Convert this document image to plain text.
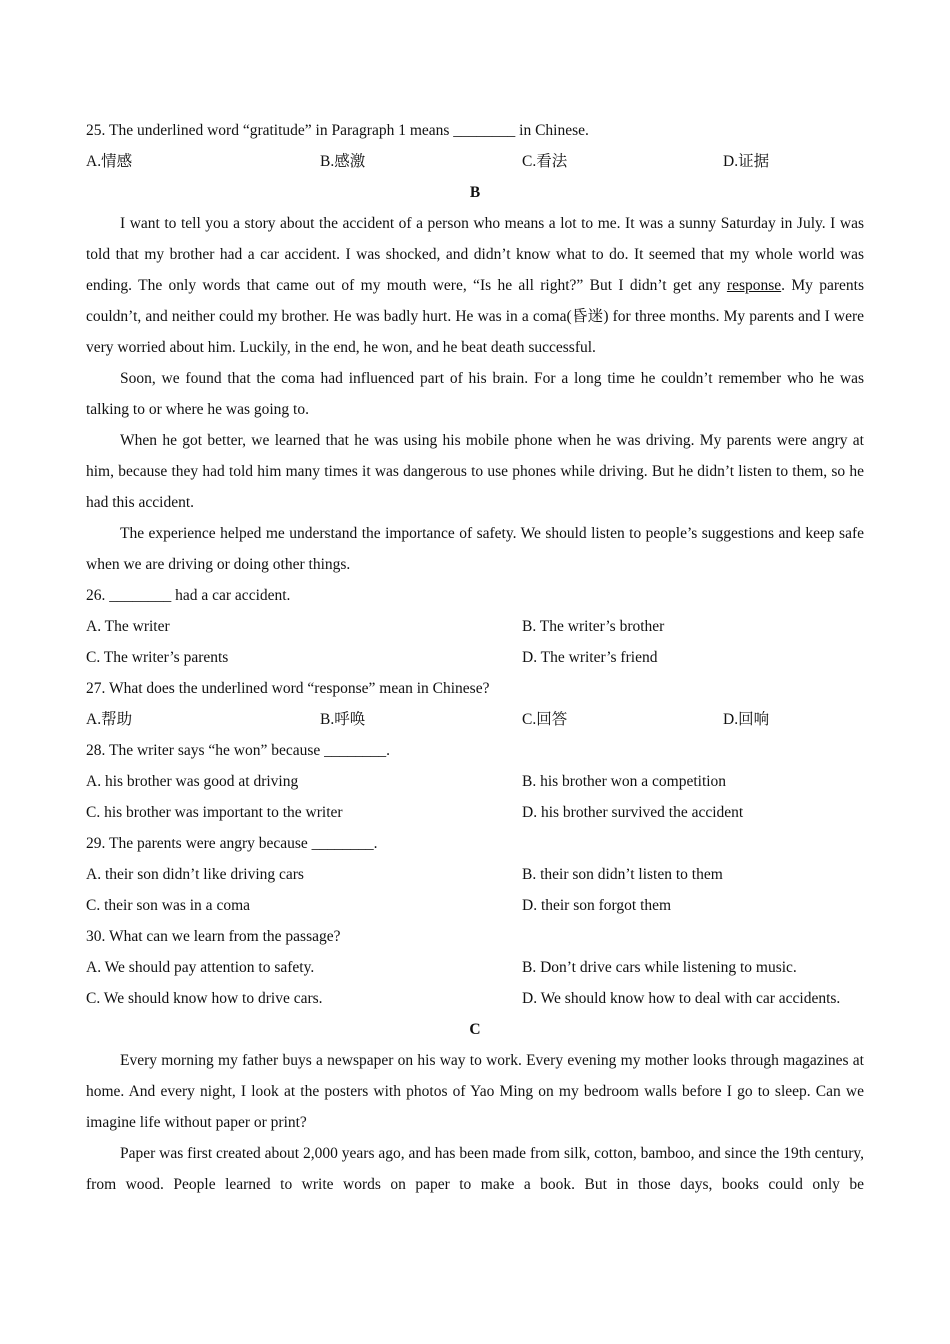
25. The underlined word “gratitude” in Paragraph 1 means ________ in Chinese.
A.情感	B.感激	C.看法	D.证据
B

I want to tell you a story about the accident of a person who means a lot to me. It was a sunny Saturday in July. I was told that my brother had a car accident. I was shocked, and didn’t know what to do. It seemed that my whole world was ending. The only words that came out of my mouth were, “Is he all right?” But I didn’t get any response. My parents couldn’t, and neither could my brother. He was badly hurt. He was in a coma(昏迷) for three months. My parents and I were very worried about him. Luckily, in the end, he won, and he beat death successful.

Soon, we found that the coma had influenced part of his brain. For a long time he couldn’t remember who he was talking to or where he was going to.

When he got better, we learned that he was using his mobile phone when he was driving. My parents were angry at him, because they had told him many times it was dangerous to use phones while driving. But he didn’t listen to them, so he had this accident.

The experience helped me understand the importance of safety. We should listen to people’s suggestions and keep safe when we are driving or doing other things.

26. ________ had a car accident.
A. The writer	B. The writer’s brother
C. The writer’s parents	D. The writer’s friend
27. What does the underlined word “response” mean in Chinese?
A.帮助	B.呼唤	C.回答	D.回响
28. The writer says “he won” because ________.
A. his brother was good at driving	B. his brother won a competition
C. his brother was important to the writer	D. his brother survived the accident
29. The parents were angry because ________.
A. their son didn’t like driving cars	B. their son didn’t listen to them
C. their son was in a coma	D. their son forgot them
30. What can we learn from the passage?
A. We should pay attention to safety.	B. Don’t drive cars while listening to music.
C. We should know how to drive cars.	D. We should know how to deal with car accidents.
C

Every morning my father buys a newspaper on his way to work. Every evening my mother looks through magazines at home. And every night, I look at the posters with photos of Yao Ming on my bedroom walls before I go to sleep. Can we imagine life without paper or print?

Paper was first created about 2,000 years ago, and has been made from silk, cotton, bamboo, and since the 19th century, from wood. People learned to write words on paper to make a book. But in those days, books could only be
